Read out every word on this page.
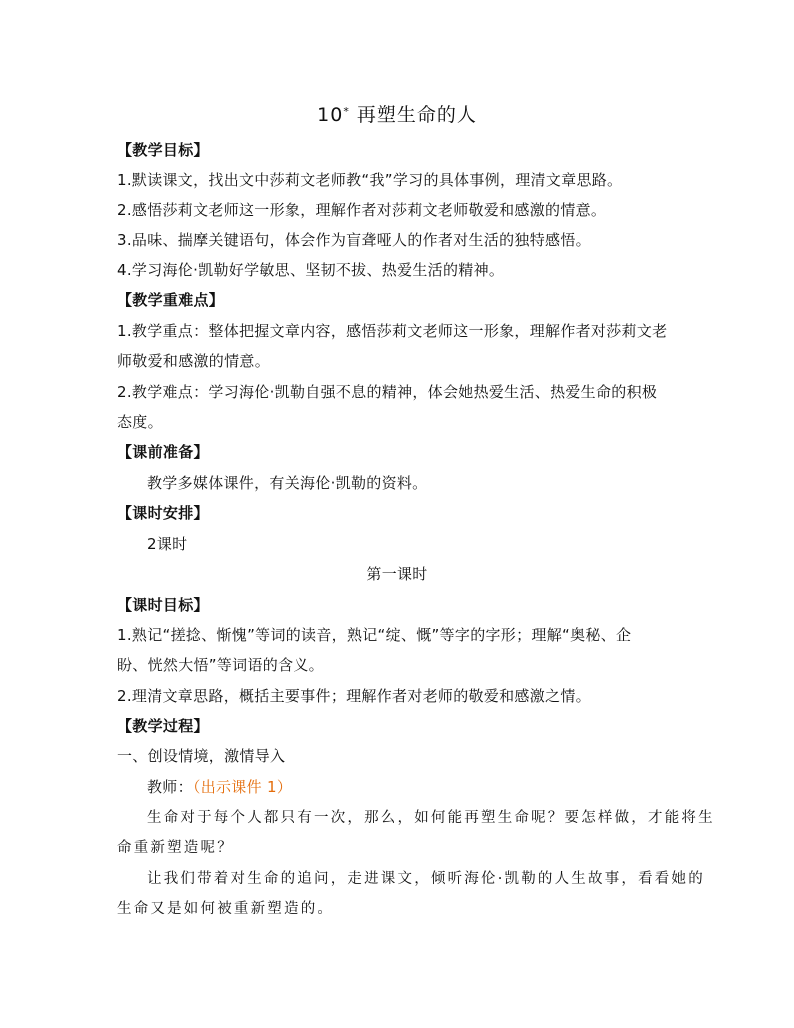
10* 再塑生命的人
【教学目标】
1.默读课文，找出文中莎莉文老师教“我”学习的具体事例，理清文章思路。
2.感悟莎莉文老师这一形象，理解作者对莎莉文老师敬爱和感激的情意。
3.品味、揣摩关键语句，体会作为盲聋哑人的作者对生活的独特感悟。
4.学习海伦·凯勒好学敏思、坚韧不拔、热爱生活的精神。
【教学重难点】
1.教学重点：整体把握文章内容，感悟莎莉文老师这一形象，理解作者对莎莉文老
师敬爱和感激的情意。
2.教学难点：学习海伦·凯勒自强不息的精神，体会她热爱生活、热爱生命的积极
态度。
【课前准备】
教学多媒体课件，有关海伦·凯勒的资料。
【课时安排】
2课时
第一课时
【课时目标】
1.熟记“搓捻、惭愧”等词的读音，熟记“绽、慨”等字的字形；理解“奥秘、企
盼、恍然大悟”等词语的含义。
2.理清文章思路，概括主要事件；理解作者对老师的敬爱和感激之情。
【教学过程】
一、创设情境，激情导入
教师：（出示课件 1）
生命对于每个人都只有一次，那么，如何能再塑生命呢？要怎样做，才能将生
命重新塑造呢？
让我们带着对生命的追问，走进课文，倾听海伦·凯勒的人生故事，看看她的
生命又是如何被重新塑造的。
